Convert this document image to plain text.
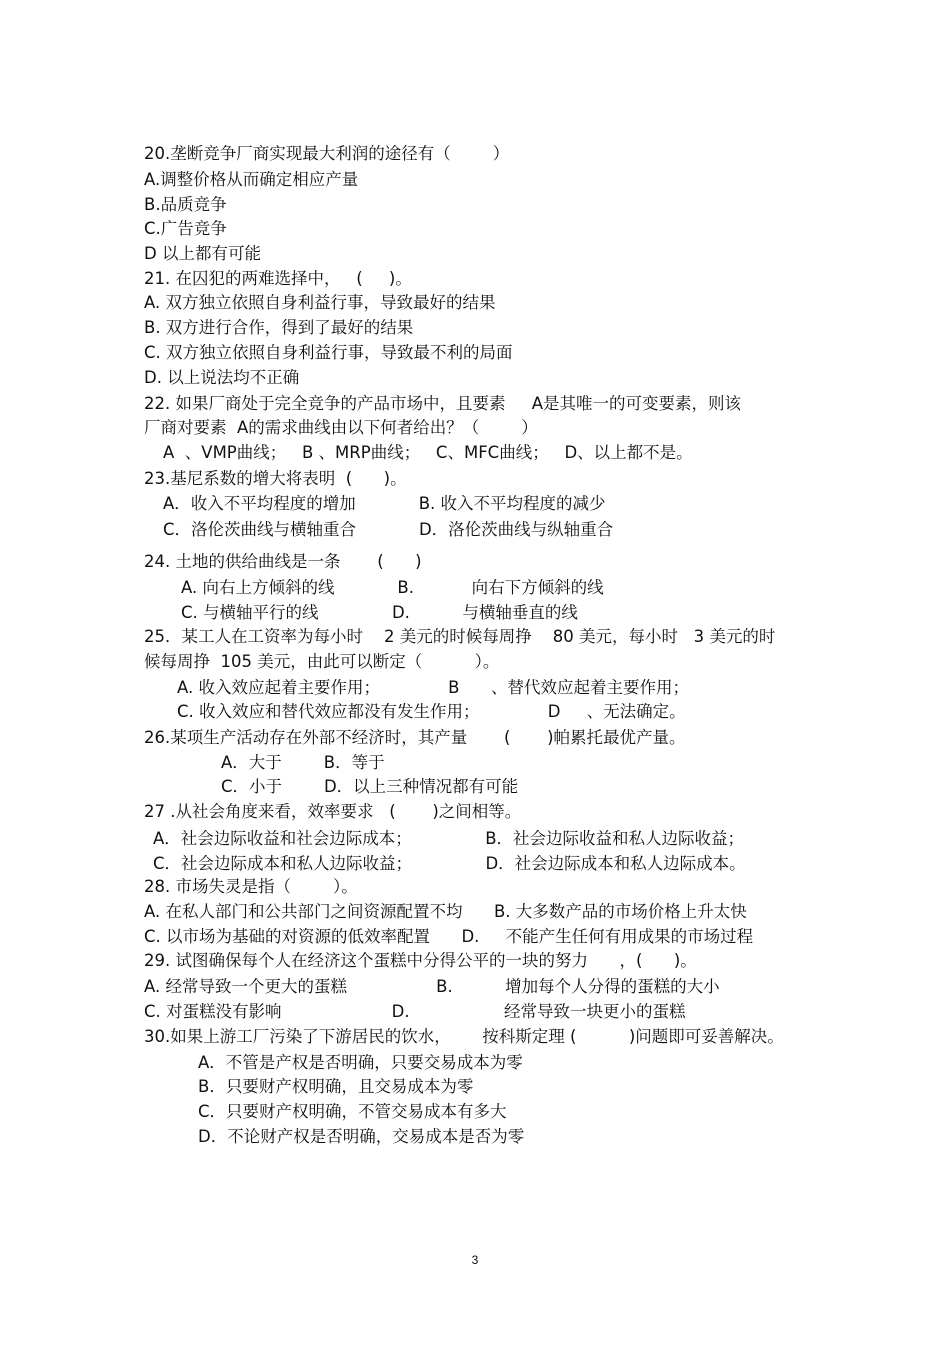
20.垄断竞争厂商实现最大利润的途径有（        ）
A.调整价格从而确定相应产量
B.品质竞争
C.广告竞争
D 以上都有可能
21. 在囚犯的两难选择中，   (     )。
A. 双方独立依照自身利益行事，导致最好的结果
B. 双方进行合作，得到了最好的结果
C. 双方独立依照自身利益行事，导致最不利的局面
D. 以上说法均不正确
22. 如果厂商处于完全竞争的产品市场中，且要素     A是其唯一的可变要素，则该
厂商对要素  A的需求曲线由以下何者给出？（        ）
A  、VMP曲线；   B 、MRP曲线；   C、MFC曲线；   D、以上都不是。
23.基尼系数的增大将表明  (      )。
A．收入不平均程度的增加            B. 收入不平均程度的减少
C．洛伦茨曲线与横轴重合            D．洛伦茨曲线与纵轴重合
24. 土地的供给曲线是一条       (      )
A. 向右上方倾斜的线            B.           向右下方倾斜的线
C. 与横轴平行的线              D.          与横轴垂直的线
25．某工人在工资率为每小时    2 美元的时候每周挣    80 美元，每小时   3 美元的时
候每周挣  105 美元，由此可以断定（          ）。
A. 收入效应起着主要作用；             B      、替代效应起着主要作用；
C. 收入效应和替代效应都没有发生作用；             D     、无法确定。
26.某项生产活动存在外部不经济时，其产量       (       )帕累托最优产量。
A．大于        B．等于
C．小于        D．以上三种情况都有可能
27 .从社会角度来看，效率要求   (       )之间相等。
A．社会边际收益和社会边际成本；              B．社会边际收益和私人边际收益；
C．社会边际成本和私人边际收益；              D．社会边际成本和私人边际成本。
28. 市场失灵是指（        ）。
A. 在私人部门和公共部门之间资源配置不均      B. 大多数产品的市场价格上升太快
C. 以市场为基础的对资源的低效率配置      D.     不能产生任何有用成果的市场过程
29. 试图确保每个人在经济这个蛋糕中分得公平的一块的努力      ，(      )。
A. 经常导致一个更大的蛋糕                 B.          增加每个人分得的蛋糕的大小
C. 对蛋糕没有影响                     D.                  经常导致一块更小的蛋糕
30.如果上游工厂污染了下游居民的饮水，      按科斯定理 (          )问题即可妥善解决。
A．不管是产权是否明确，只要交易成本为零
B．只要财产权明确，且交易成本为零
C．只要财产权明确，不管交易成本有多大
D．不论财产权是否明确，交易成本是否为零
3
